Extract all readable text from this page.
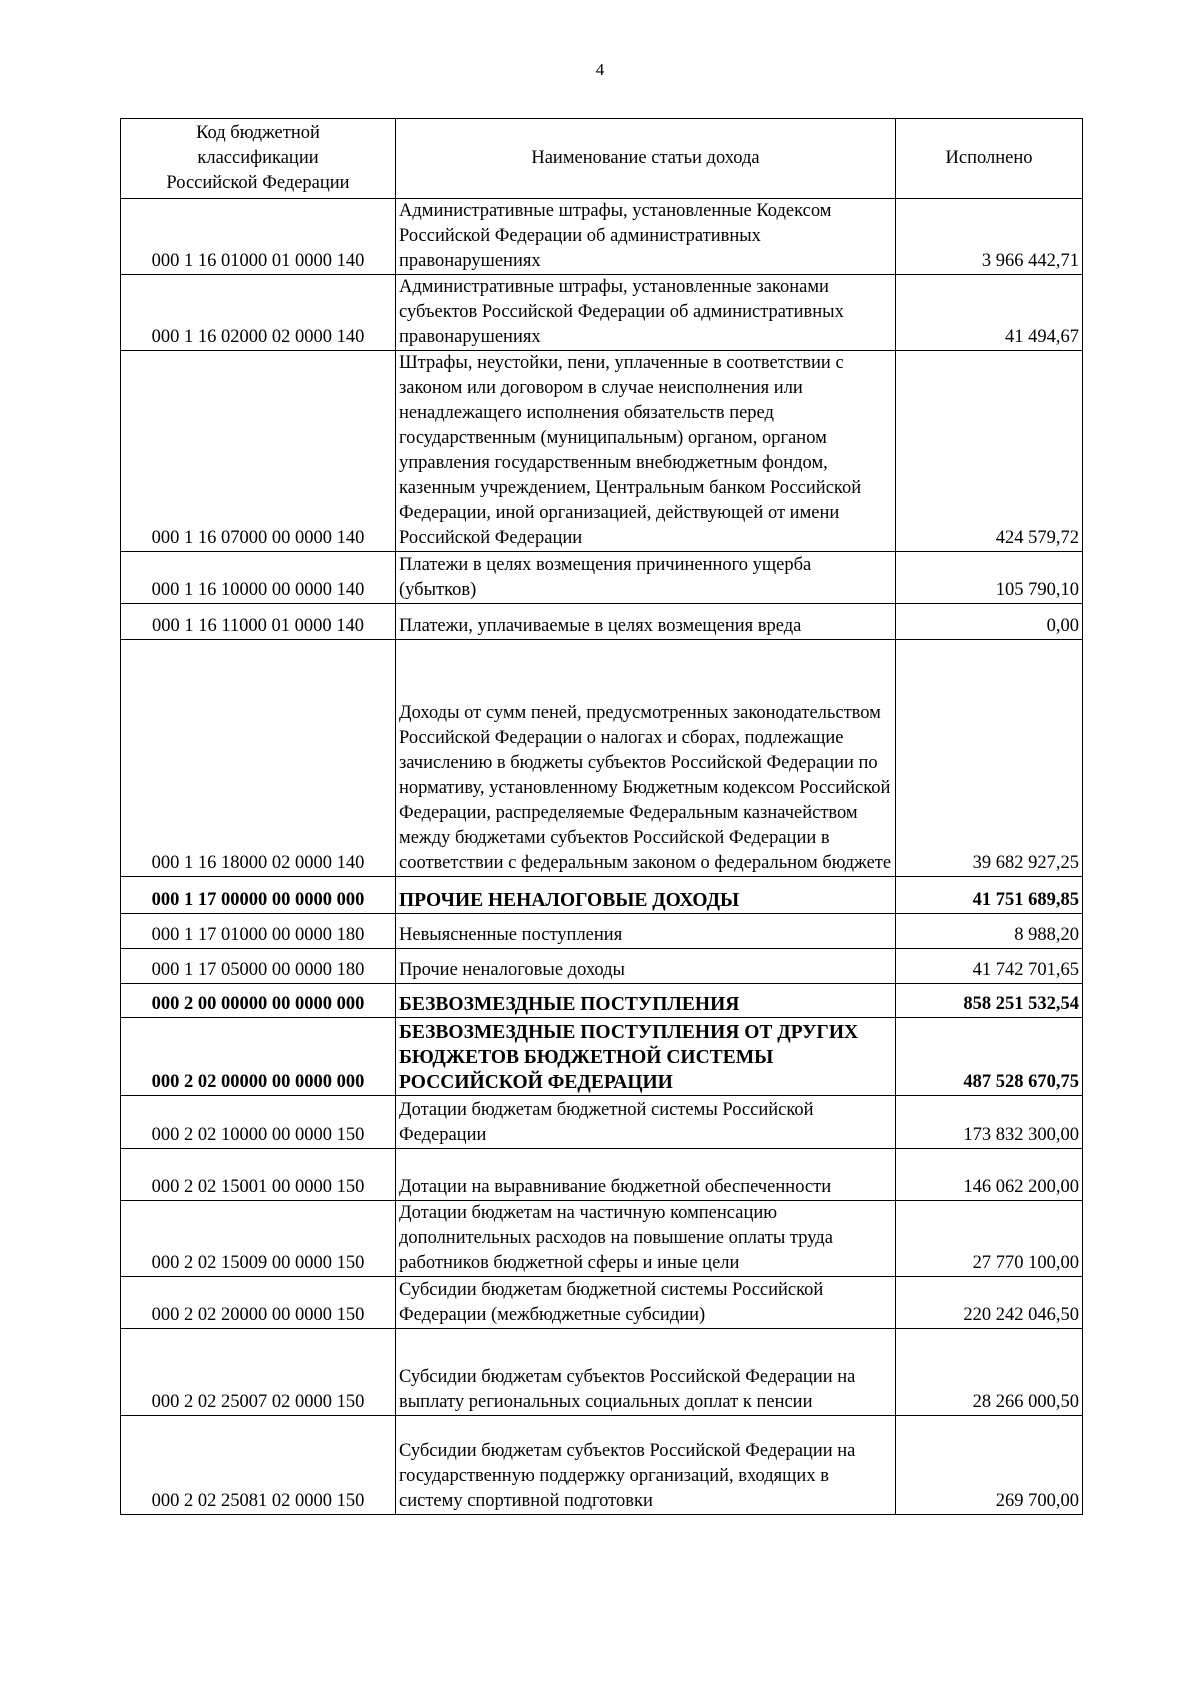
4
Код бюджетной
классификации
Российской Федерации	Наименование статьи дохода	Исполнено
000 1 16 01000 01 0000 140	Административные штрафы, установленные Кодексом Российской Федерации об административных правонарушениях	3 966 442,71
000 1 16 02000 02 0000 140	Административные штрафы, установленные законами субъектов Российской Федерации об административных правонарушениях	41 494,67
000 1 16 07000 00 0000 140	Штрафы, неустойки, пени, уплаченные в соответствии с законом или договором в случае неисполнения или ненадлежащего исполнения обязательств перед государственным (муниципальным) органом, органом управления государственным внебюджетным фондом, казенным учреждением, Центральным банком Российской Федерации, иной организацией, действующей от имени Российской Федерации	424 579,72
000 1 16 10000 00 0000 140	Платежи в целях возмещения причиненного ущерба (убытков)	105 790,10
000 1 16 11000 01 0000 140	Платежи, уплачиваемые в целях возмещения вреда	0,00
000 1 16 18000 02 0000 140	Доходы от сумм пеней, предусмотренных законодательством Российской Федерации о налогах и сборах, подлежащие зачислению в бюджеты субъектов Российской Федерации по нормативу, установленному Бюджетным кодексом Российской Федерации, распределяемые Федеральным казначейством между бюджетами субъектов Российской Федерации в соответствии с федеральным законом о федеральном бюджете	39 682 927,25
000 1 17 00000 00 0000 000	ПРОЧИЕ НЕНАЛОГОВЫЕ ДОХОДЫ	41 751 689,85
000 1 17 01000 00 0000 180	Невыясненные поступления	8 988,20
000 1 17 05000 00 0000 180	Прочие неналоговые доходы	41 742 701,65
000 2 00 00000 00 0000 000	БЕЗВОЗМЕЗДНЫЕ ПОСТУПЛЕНИЯ	858 251 532,54
000 2 02 00000 00 0000 000	БЕЗВОЗМЕЗДНЫЕ ПОСТУПЛЕНИЯ ОТ ДРУГИХ БЮДЖЕТОВ БЮДЖЕТНОЙ СИСТЕМЫ РОССИЙСКОЙ ФЕДЕРАЦИИ	487 528 670,75
000 2 02 10000 00 0000 150	Дотации бюджетам бюджетной системы Российской Федерации	173 832 300,00
000 2 02 15001 00 0000 150	Дотации на выравнивание бюджетной обеспеченности	146 062 200,00
000 2 02 15009 00 0000 150	Дотации бюджетам на частичную компенсацию дополнительных расходов на повышение оплаты труда работников бюджетной сферы и иные цели	27 770 100,00
000 2 02 20000 00 0000 150	Субсидии бюджетам бюджетной системы Российской Федерации (межбюджетные субсидии)	220 242 046,50
000 2 02 25007 02 0000 150	Субсидии бюджетам субъектов Российской Федерации на выплату региональных социальных доплат к пенсии	28 266 000,50
000 2 02 25081 02 0000 150	Субсидии бюджетам субъектов Российской Федерации на государственную поддержку организаций, входящих в систему спортивной подготовки	269 700,00
